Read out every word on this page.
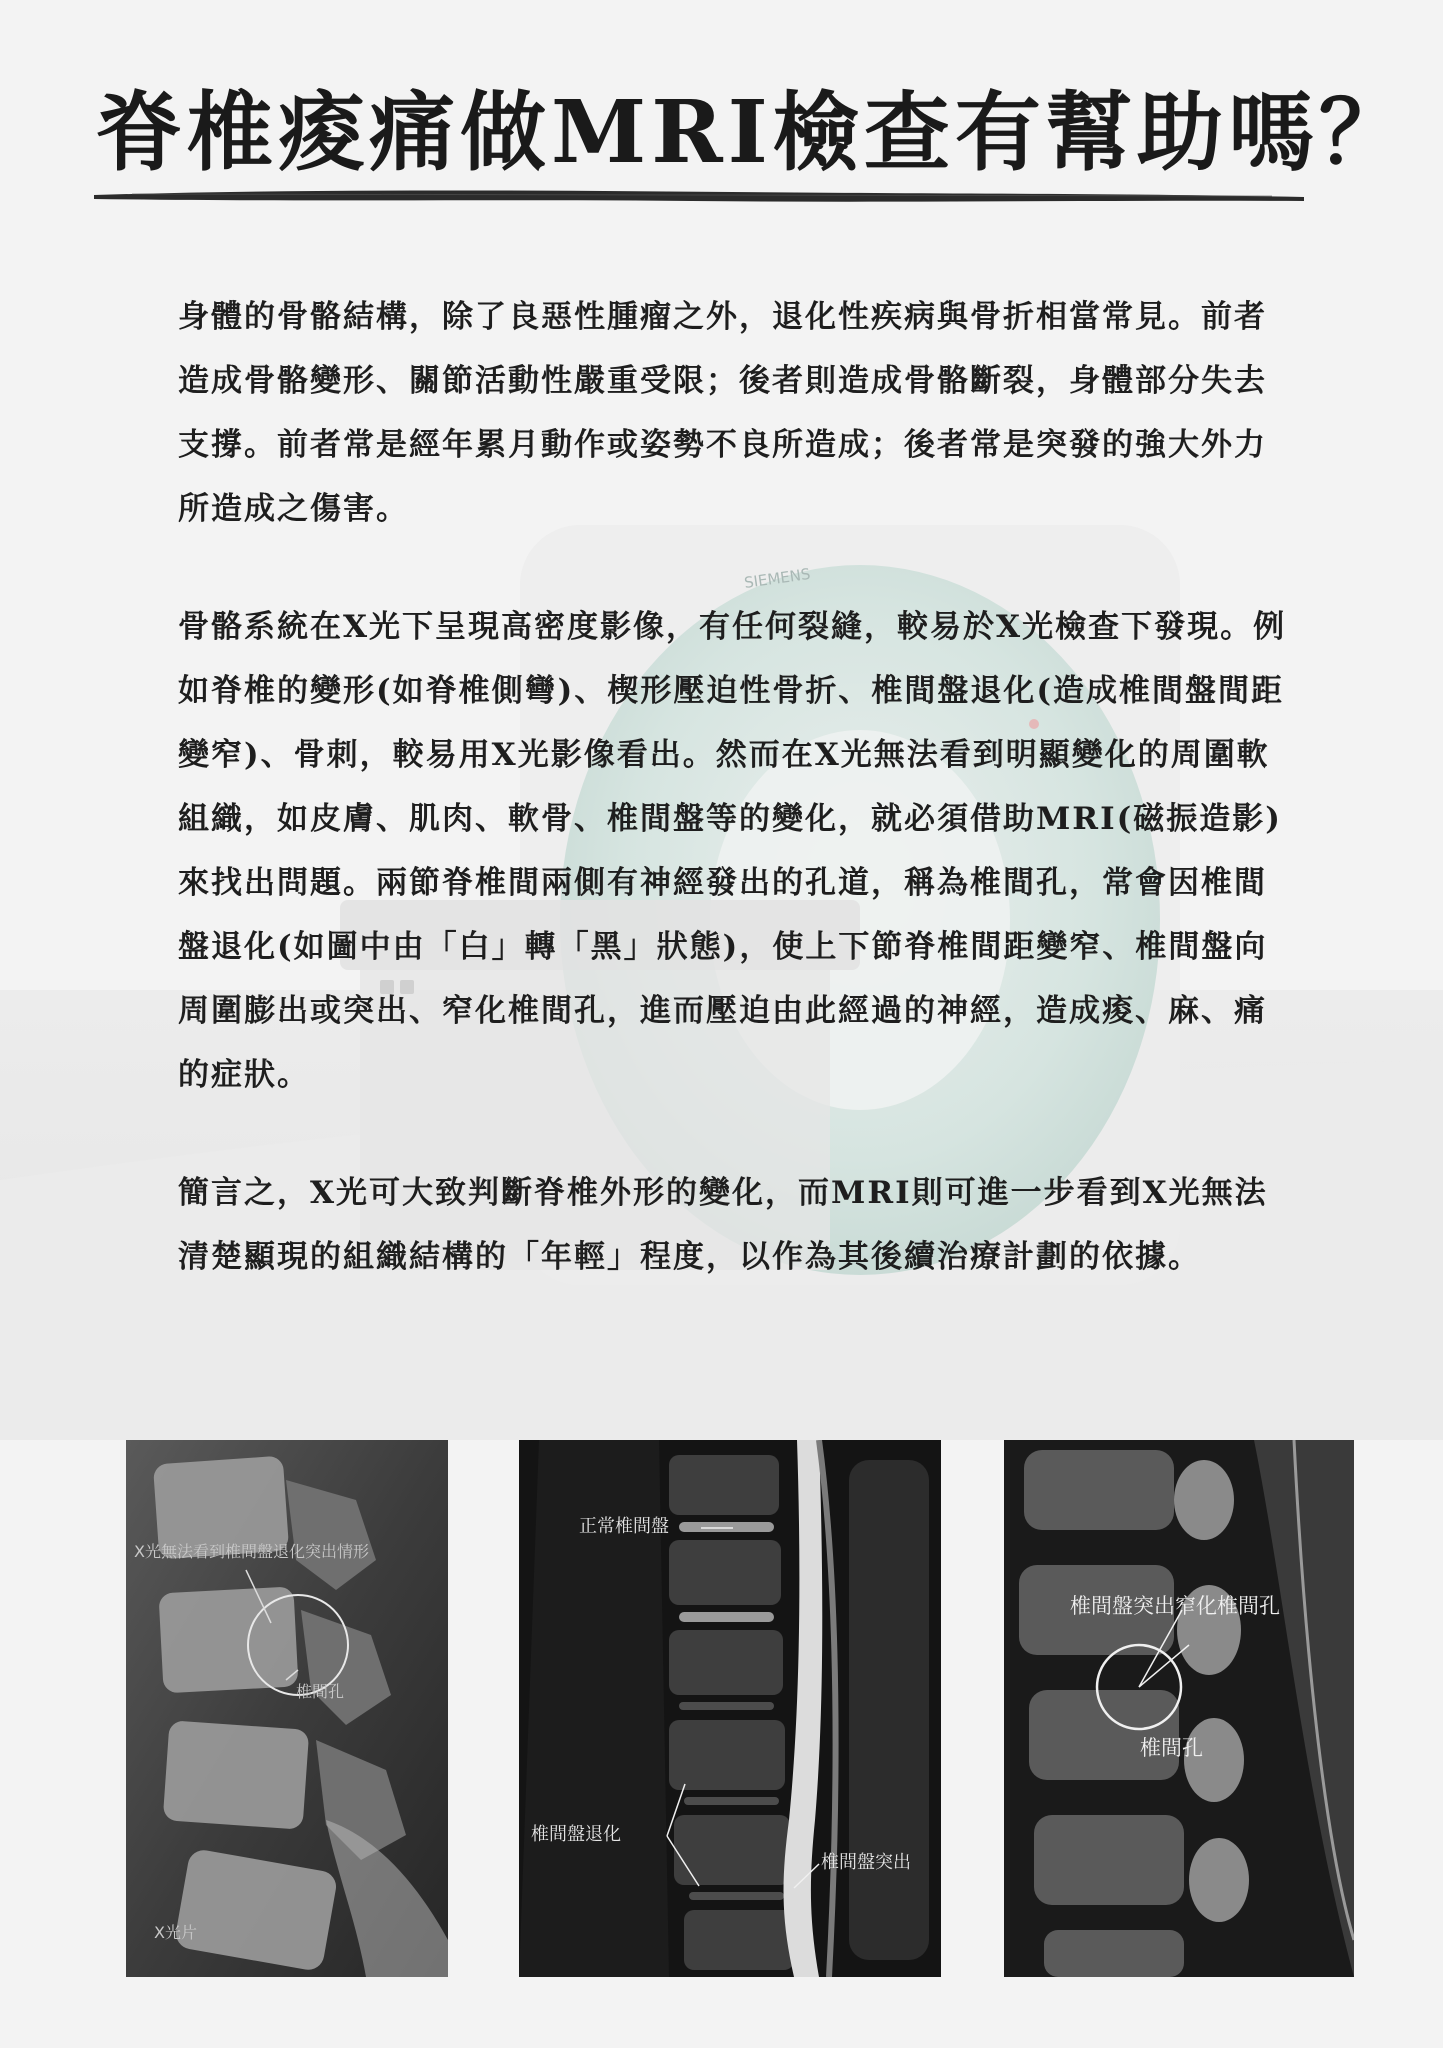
SIEMENS
脊椎痠痛做MRI檢查有幫助嗎？

身體的骨骼結構，除了良惡性腫瘤之外，退化性疾病與骨折相當常見。前者造成骨骼變形、關節活動性嚴重受限；後者則造成骨骼斷裂，身體部分失去支撐。前者常是經年累月動作或姿勢不良所造成；後者常是突發的強大外力所造成之傷害。

骨骼系統在X光下呈現高密度影像，有任何裂縫，較易於X光檢查下發現。例如脊椎的變形(如脊椎側彎)、楔形壓迫性骨折、椎間盤退化(造成椎間盤間距變窄)、骨刺，較易用X光影像看出。然而在X光無法看到明顯變化的周圍軟組織，如皮膚、肌肉、軟骨、椎間盤等的變化，就必須借助MRI(磁振造影)來找出問題。兩節脊椎間兩側有神經發出的孔道，稱為椎間孔，常會因椎間盤退化(如圖中由「白」轉「黑」狀態)，使上下節脊椎間距變窄、椎間盤向周圍膨出或突出、窄化椎間孔，進而壓迫由此經過的神經，造成痠、麻、痛的症狀。

簡言之，X光可大致判斷脊椎外形的變化，而MRI則可進一步看到X光無法清楚顯現的組織結構的「年輕」程度，以作為其後續治療計劃的依據。

X光無法看到椎間盤退化突出情形
椎間孔
X光片
正常椎間盤
椎間盤退化
椎間盤突出
椎間盤突出窄化椎間孔
椎間孔
